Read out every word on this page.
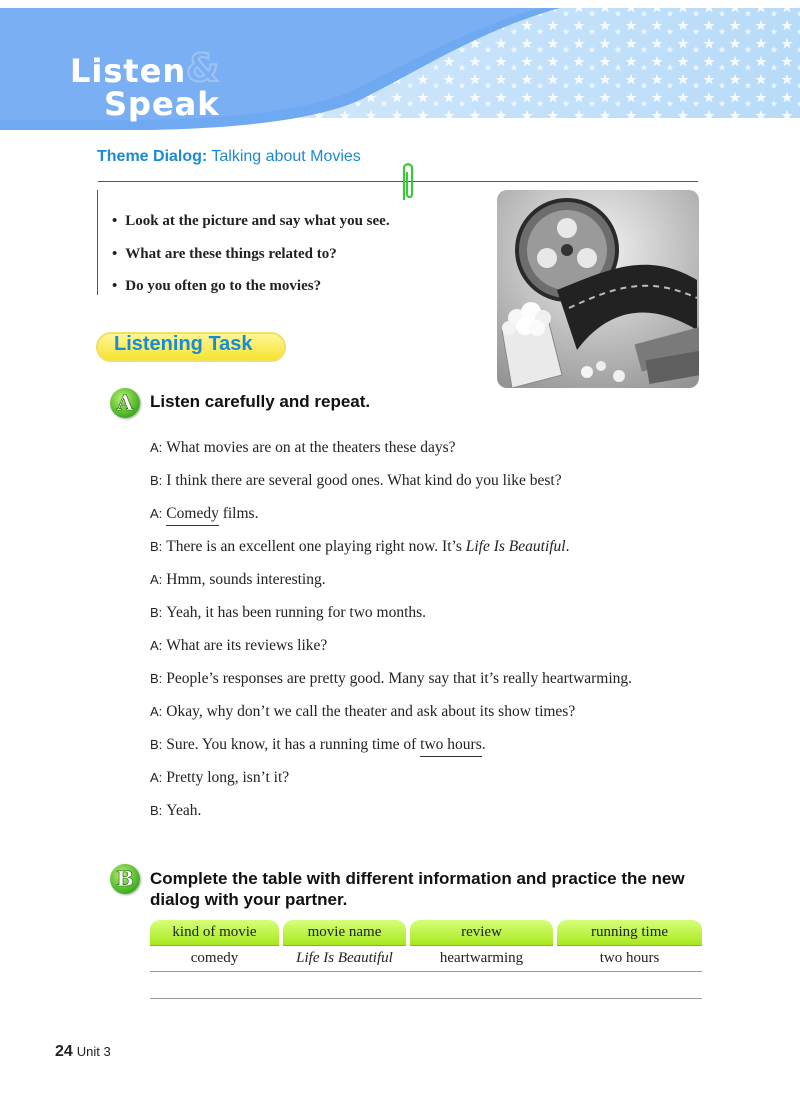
Listen &
Speak
Theme Dialog: Talking about Movies
• Look at the picture and say what you see.
• What are these things related to?
• Do you often go to the movies?
Listening Task
A Listen carefully and repeat.
A: What movies are on at the theaters these days?
B: I think there are several good ones. What kind do you like best?
A: Comedy films.
B: There is an excellent one playing right now. It’s Life Is Beautiful.
A: Hmm, sounds interesting.
B: Yeah, it has been running for two months.
A: What are its reviews like?
B: People’s responses are pretty good. Many say that it’s really heartwarming.
A: Okay, why don’t we call the theater and ask about its show times?
B: Sure. You know, it has a running time of two hours.
A: Pretty long, isn’t it?
B: Yeah.
B Complete the table with different information and practice the new
dialog with your partner.
kind of movie	movie name	review	running time
comedy	Life Is Beautiful	heartwarming	two hours
24 Unit 3
